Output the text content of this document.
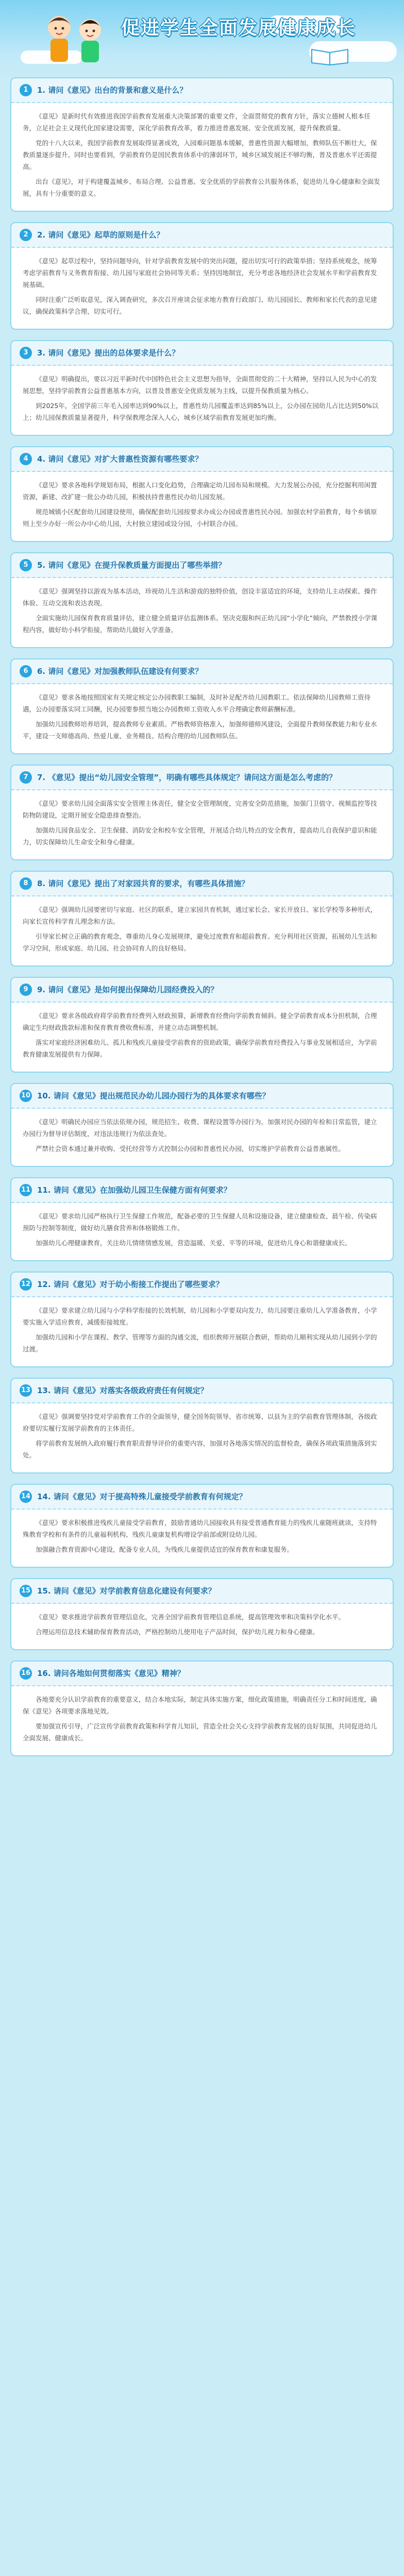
促进学生全面发展健康成长
1	1. 请问《意见》出台的背景和意义是什么？

《意见》是新时代有效推进我国学前教育发展重大决策部署的重要文件，全面贯彻党的教育方针，落实立德树人根本任务，立足社会主义现代化国家建设需要，深化学前教育改革，着力推进普惠发展、安全优质发展，提升保教质量。

党的十八大以来，我国学前教育发展取得显著成效，入园难问题基本缓解，普惠性资源大幅增加，教师队伍不断壮大，保教质量逐步提升。同时也要看到，学前教育仍是国民教育体系中的薄弱环节，城乡区域发展还不够均衡，普及普惠水平还需提高。

出台《意见》，对于构建覆盖城乡、布局合理、公益普惠、安全优质的学前教育公共服务体系，促进幼儿身心健康和全面发展，具有十分重要的意义。

2	2. 请问《意见》起草的原则是什么？

《意见》起草过程中，坚持问题导向，针对学前教育发展中的突出问题，提出切实可行的政策举措；坚持系统观念，统筹考虑学前教育与义务教育衔接、幼儿园与家庭社会协同等关系；坚持因地制宜，充分考虑各地经济社会发展水平和学前教育发展基础。

同时注重广泛听取意见，深入调查研究，多次召开座谈会征求地方教育行政部门、幼儿园园长、教师和家长代表的意见建议，确保政策科学合理、切实可行。

3	3. 请问《意见》提出的总体要求是什么？

《意见》明确提出，要以习近平新时代中国特色社会主义思想为指导，全面贯彻党的二十大精神，坚持以人民为中心的发展思想，坚持学前教育公益普惠基本方向，以普及普惠安全优质发展为主线，以提升保教质量为核心。

到2025年，全国学前三年毛入园率达到90%以上，普惠性幼儿园覆盖率达到85%以上，公办园在园幼儿占比达到50%以上；幼儿园保教质量显著提升，科学保教理念深入人心，城乡区域学前教育发展更加均衡。

4	4. 请问《意见》对扩大普惠性资源有哪些要求？

《意见》要求各地科学规划布局，根据人口变化趋势，合理确定幼儿园布局和规模。大力发展公办园，充分挖掘利用闲置资源，新建、改扩建一批公办幼儿园，积极扶持普惠性民办幼儿园发展。

规范城镇小区配套幼儿园建设使用，确保配套幼儿园按要求办成公办园或普惠性民办园。加强农村学前教育，每个乡镇原则上至少办好一所公办中心幼儿园，大村独立建园或设分园，小村联合办园。

5	5. 请问《意见》在提升保教质量方面提出了哪些举措？

《意见》强调坚持以游戏为基本活动，珍视幼儿生活和游戏的独特价值，创设丰富适宜的环境，支持幼儿主动探索、操作体验、互动交流和表达表现。

全面实施幼儿园保育教育质量评估，建立健全质量评估监测体系。坚决克服和纠正幼儿园“小学化”倾向，严禁教授小学课程内容，做好幼小科学衔接，帮助幼儿做好入学准备。

6	6. 请问《意见》对加强教师队伍建设有何要求？

《意见》要求各地按照国家有关规定核定公办园教职工编制，及时补足配齐幼儿园教职工。依法保障幼儿园教师工资待遇，公办园要落实同工同酬，民办园要参照当地公办园教师工资收入水平合理确定教师薪酬标准。

加强幼儿园教师培养培训，提高教师专业素质。严格教师资格准入，加强师德师风建设，全面提升教师保教能力和专业水平，建设一支师德高尚、热爱儿童、业务精良、结构合理的幼儿园教师队伍。

7	7. 《意见》提出“幼儿园安全管理”，明确有哪些具体规定？请问这方面是怎么考虑的？

《意见》要求幼儿园全面落实安全管理主体责任，健全安全管理制度，完善安全防范措施，加强门卫值守、视频监控等技防物防建设，定期开展安全隐患排查整治。

加强幼儿园食品安全、卫生保健、消防安全和校车安全管理，开展适合幼儿特点的安全教育，提高幼儿自我保护意识和能力，切实保障幼儿生命安全和身心健康。

8	8. 请问《意见》提出了对家园共育的要求，有哪些具体措施？

《意见》强调幼儿园要密切与家庭、社区的联系，建立家园共育机制，通过家长会、家长开放日、家长学校等多种形式，向家长宣传科学育儿理念和方法。

引导家长树立正确的教育观念，尊重幼儿身心发展规律，避免过度教育和超前教育。充分利用社区资源，拓展幼儿生活和学习空间，形成家庭、幼儿园、社会协同育人的良好格局。

9	9. 请问《意见》是如何提出保障幼儿园经费投入的？

《意见》要求各级政府将学前教育经费列入财政预算，新增教育经费向学前教育倾斜。健全学前教育成本分担机制，合理确定生均财政拨款标准和保育教育费收费标准，并建立动态调整机制。

落实对家庭经济困难幼儿、孤儿和残疾儿童接受学前教育的资助政策，确保学前教育经费投入与事业发展相适应，为学前教育健康发展提供有力保障。

10 10. 请问《意见》提出规范民办幼儿园办园行为的具体要求有哪些？

《意见》明确民办园应当依法依规办园，规范招生、收费、课程设置等办园行为。加强对民办园的年检和日常监管，建立办园行为督导评估制度，对违法违规行为依法查处。

严禁社会资本通过兼并收购、受托经营等方式控制公办园和普惠性民办园，切实维护学前教育公益普惠属性。

11 11. 请问《意见》在加强幼儿园卫生保健方面有何要求？

《意见》要求幼儿园严格执行卫生保健工作规范，配备必要的卫生保健人员和设施设备，建立健康检查、晨午检、传染病预防与控制等制度，做好幼儿膳食营养和体格锻炼工作。

加强幼儿心理健康教育，关注幼儿情绪情感发展，营造温暖、关爱、平等的环境，促进幼儿身心和谐健康成长。

12 12. 请问《意见》对于幼小衔接工作提出了哪些要求？

《意见》要求建立幼儿园与小学科学衔接的长效机制，幼儿园和小学要双向发力，幼儿园要注重幼儿入学准备教育，小学要实施入学适应教育，减缓衔接坡度。

加强幼儿园和小学在课程、教学、管理等方面的沟通交流，组织教师开展联合教研，帮助幼儿顺利实现从幼儿园到小学的过渡。

13 13. 请问《意见》对落实各级政府责任有何规定？

《意见》强调要坚持党对学前教育工作的全面领导，健全国务院领导、省市统筹、以县为主的学前教育管理体制，各级政府要切实履行发展学前教育的主体责任。

将学前教育发展纳入政府履行教育职责督导评价的重要内容，加强对各地落实情况的监督检查，确保各项政策措施落到实处。

14 14. 请问《意见》对于提高特殊儿童接受学前教育有何规定？

《意见》要求积极推进残疾儿童接受学前教育，鼓励普通幼儿园接收具有接受普通教育能力的残疾儿童随班就读，支持特殊教育学校和有条件的儿童福利机构、残疾儿童康复机构增设学前部或附设幼儿园。

加强融合教育资源中心建设，配备专业人员，为残疾儿童提供适宜的保育教育和康复服务。

15 15. 请问《意见》对学前教育信息化建设有何要求？

《意见》要求推进学前教育管理信息化，完善全国学前教育管理信息系统，提高管理效率和决策科学化水平。

合理运用信息技术辅助保育教育活动，严格控制幼儿使用电子产品时间，保护幼儿视力和身心健康。

16 16. 请问各地如何贯彻落实《意见》精神？

各地要充分认识学前教育的重要意义，结合本地实际，制定具体实施方案，细化政策措施，明确责任分工和时间进度，确保《意见》各项要求落地见效。

要加强宣传引导，广泛宣传学前教育政策和科学育儿知识，营造全社会关心支持学前教育发展的良好氛围，共同促进幼儿全面发展、健康成长。
